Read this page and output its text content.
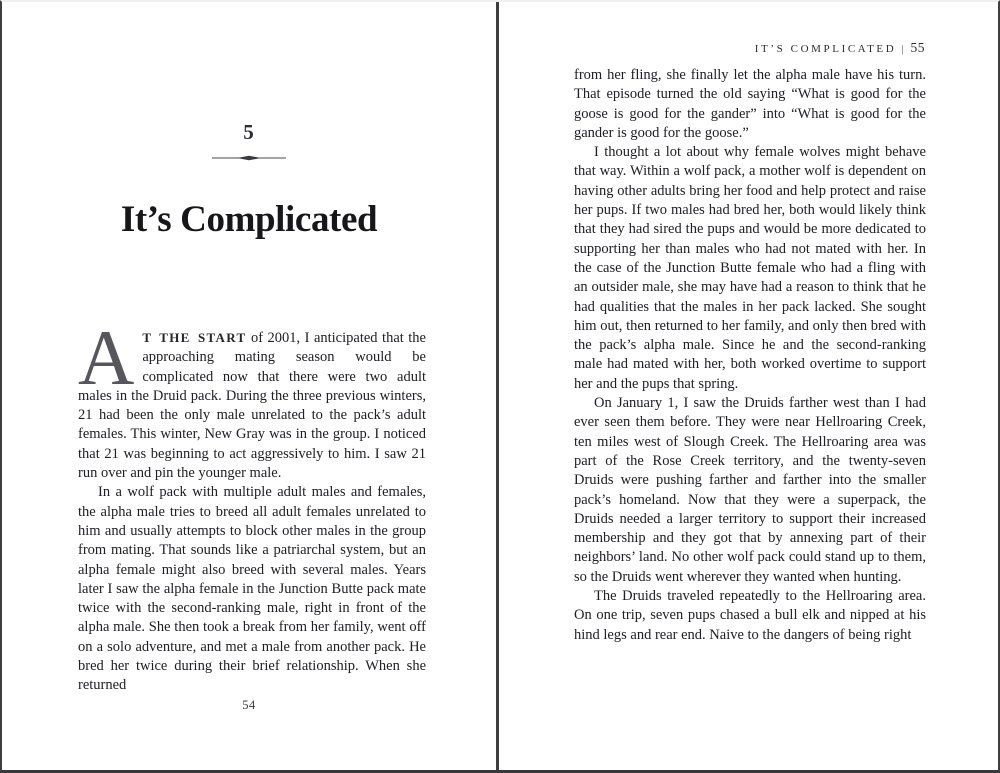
5
It’s Complicated

A T THE START of 2001, I anticipated that the approaching mating season would be complicated now that there were two adult males in the Druid pack. During the three previous winters, 21 had been the only male unrelated to the pack’s adult females. This winter, New Gray was in the group. I noticed that 21 was beginning to act aggressively to him. I saw 21 run over and pin the younger male.

In a wolf pack with multiple adult males and females, the alpha male tries to breed all adult females unrelated to him and usually attempts to block other males in the group from mating. That sounds like a patriarchal system, but an alpha female might also breed with several males. Years later I saw the alpha female in the Junction Butte pack mate twice with the second-ranking male, right in front of the alpha male. She then took a break from her family, went off on a solo adventure, and met a male from another pack. He bred her twice during their brief relationship. When she returned

54
IT’S COMPLICATED | 55

from her fling, she finally let the alpha male have his turn. That episode turned the old saying “What is good for the goose is good for the gander” into “What is good for the gander is good for the goose.”

I thought a lot about why female wolves might behave that way. Within a wolf pack, a mother wolf is dependent on having other adults bring her food and help protect and raise her pups. If two males had bred her, both would likely think that they had sired the pups and would be more dedicated to supporting her than males who had not mated with her. In the case of the Junction Butte female who had a fling with an outsider male, she may have had a reason to think that he had qualities that the males in her pack lacked. She sought him out, then returned to her family, and only then bred with the pack’s alpha male. Since he and the second-ranking male had mated with her, both worked overtime to support her and the pups that spring.

On January 1, I saw the Druids farther west than I had ever seen them before. They were near Hellroaring Creek, ten miles west of Slough Creek. The Hellroaring area was part of the Rose Creek territory, and the twenty-seven Druids were pushing farther and farther into the smaller pack’s homeland. Now that they were a superpack, the Druids needed a larger territory to support their increased membership and they got that by annexing part of their neighbors’ land. No other wolf pack could stand up to them, so the Druids went wherever they wanted when hunting.

The Druids traveled repeatedly to the Hellroaring area. On one trip, seven pups chased a bull elk and nipped at his hind legs and rear end. Naive to the dangers of being right
